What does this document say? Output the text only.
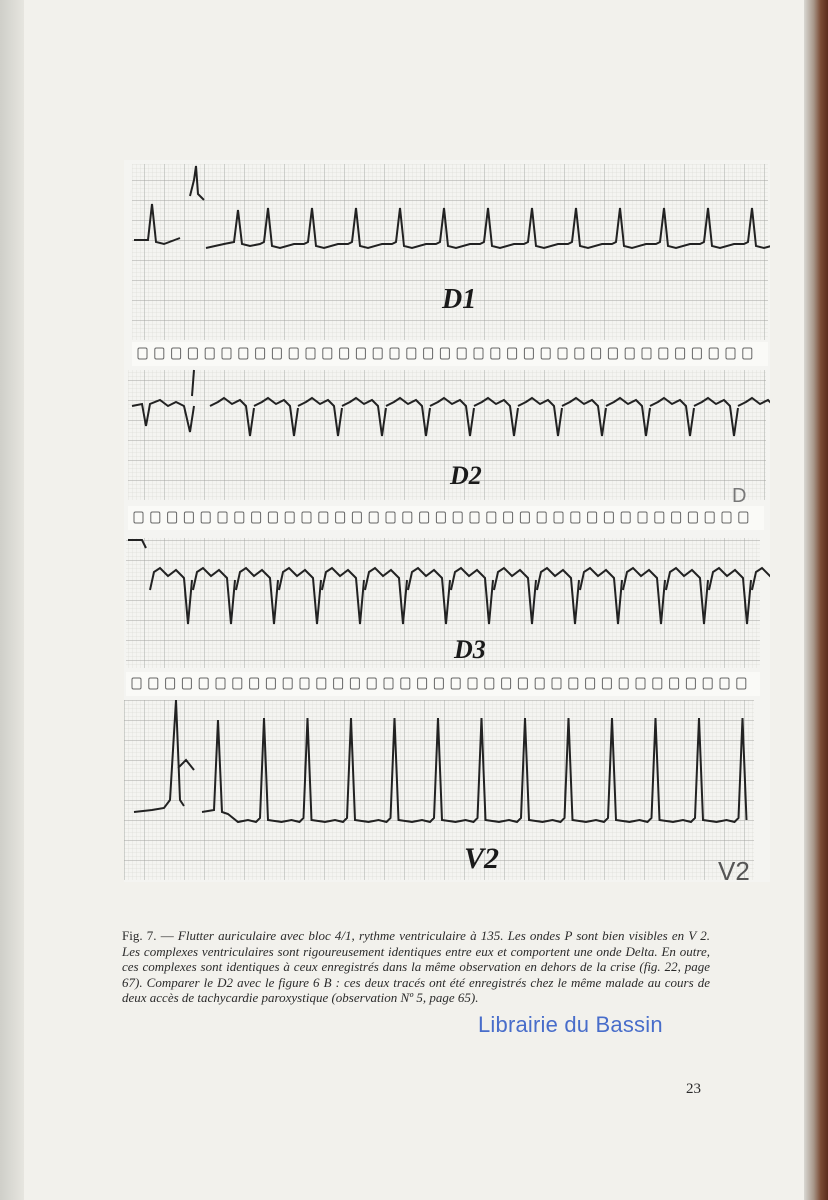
D1
D2
D3
V2
D
V2
Fig. 7. — Flutter auriculaire avec bloc 4/1, rythme ventriculaire à 135. Les ondes P sont bien visibles en V 2. Les complexes ventriculaires sont rigoureusement identiques entre eux et comportent une onde Delta. En outre, ces complexes sont identiques à ceux enregistrés dans la même observation en dehors de la crise (fig. 22, page 67). Comparer le D2 avec le figure 6 B : ces deux tracés ont été enregistrés chez le même malade au cours de deux accès de tachycardie paroxystique (observation Nº 5, page 65).
Librairie du Bassin
23
